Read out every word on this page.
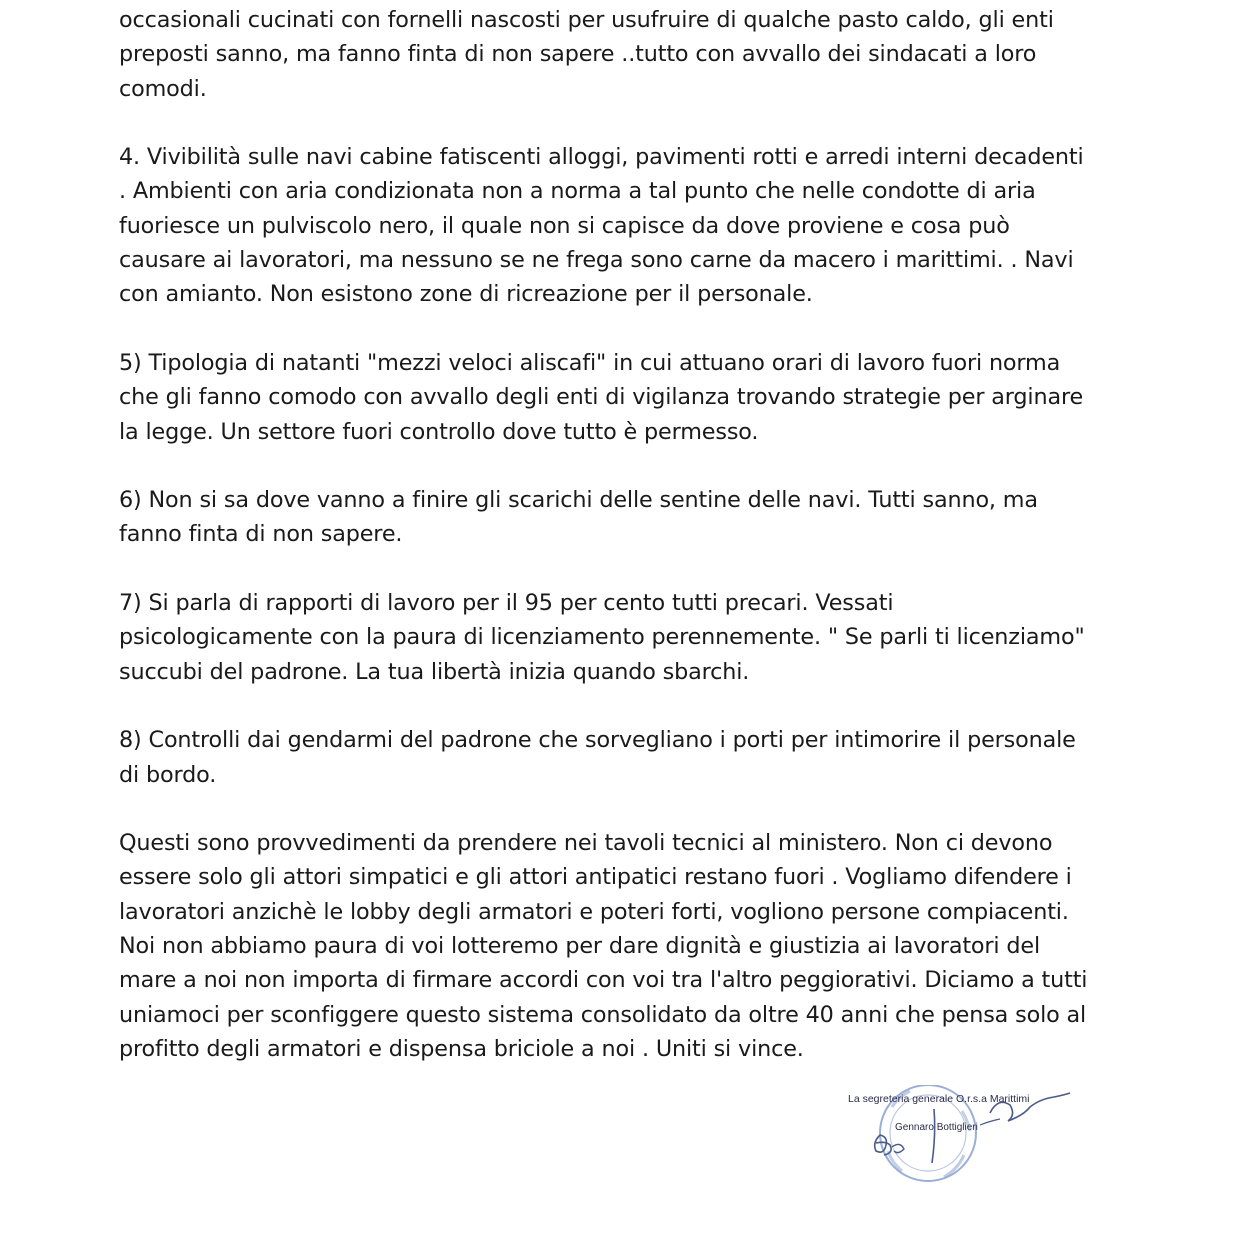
occasionali cucinati con fornelli nascosti per usufruire di qualche pasto caldo, gli enti
preposti sanno, ma fanno finta di non sapere ..tutto con avvallo dei sindacati a loro
comodi.

4. Vivibilità sulle navi cabine fatiscenti alloggi, pavimenti rotti e arredi interni decadenti
. Ambienti con aria condizionata non a norma a tal punto che nelle condotte di aria
fuoriesce un pulviscolo nero, il quale non si capisce da dove proviene e cosa può
causare ai lavoratori, ma nessuno se ne frega sono carne da macero i marittimi. . Navi
con amianto. Non esistono zone di ricreazione per il personale.

5) Tipologia di natanti "mezzi veloci aliscafi" in cui attuano orari di lavoro fuori norma
che gli fanno comodo con avvallo degli enti di vigilanza trovando strategie per arginare
la legge. Un settore fuori controllo dove tutto è permesso.

6) Non si sa dove vanno a finire gli scarichi delle sentine delle navi. Tutti sanno, ma
fanno finta di non sapere.

7) Si parla di rapporti di lavoro per il 95 per cento tutti precari. Vessati
psicologicamente con la paura di licenziamento perennemente. " Se parli ti licenziamo"
succubi del padrone. La tua libertà inizia quando sbarchi.

8) Controlli dai gendarmi del padrone che sorvegliano i porti per intimorire il personale
di bordo.

Questi sono provvedimenti da prendere nei tavoli tecnici al ministero. Non ci devono
essere solo gli attori simpatici e gli attori antipatici restano fuori . Vogliamo difendere i
lavoratori anzichè le lobby degli armatori e poteri forti, vogliono persone compiacenti.
Noi non abbiamo paura di voi lotteremo per dare dignità e giustizia ai lavoratori del
mare a noi non importa di firmare accordi con voi tra l'altro peggiorativi. Diciamo a tutti
uniamoci per sconfiggere questo sistema consolidato da oltre 40 anni che pensa solo al
profitto degli armatori e dispensa briciole a noi . Uniti si vince.

La segreteria generale O.r.s.a Marittimi
Gennaro Bottiglieri
